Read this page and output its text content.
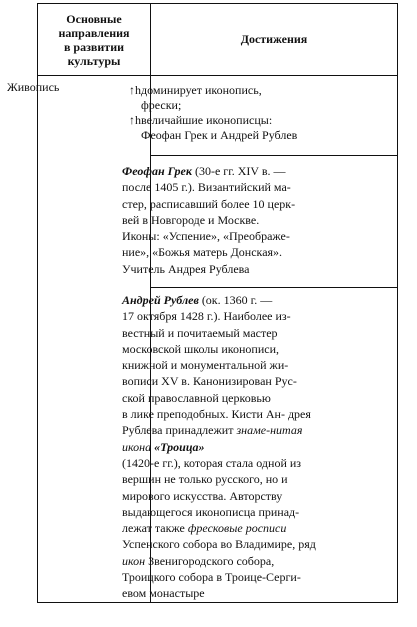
Основные
направления
в развитии
культуры
Достижения
Живопись	↑hдоминирует иконопись,
фрески;
↑hвеличайшие иконописцы:
Феофан Грек и Андрей Рублев
Феофан Грек (30-е гг. XIV в. —
после 1405 г.). Византийский ма-
стер, расписавший более 10 церк-
вей в Новгороде и Москве.
Иконы: «Успение», «Преображе-
ние», «Божья матерь Донская».
Учитель Андрея Рублева
Андрей Рублев (ок. 1360 г. —
17 октября 1428 г.). Наиболее из-
вестный и почитаемый мастер
московской школы иконописи,
книжной и монументальной жи-
вописи XV в. Канонизирован Рус-
ской православной церковью
в лике преподобных. Кисти Ан- дрея
Рублева принадлежит знаме-нитая
икона «Троица»
(1420-е гг.), которая стала одной из
вершин не только русского, но и
мирового искусства. Авторству
выдающегося иконописца принад-
лежат также фресковые росписи
Успенского собора во Владимире, ряд
икон Звенигородского собора,
Троицкого собора в Троице-Серги-
евом монастыре
